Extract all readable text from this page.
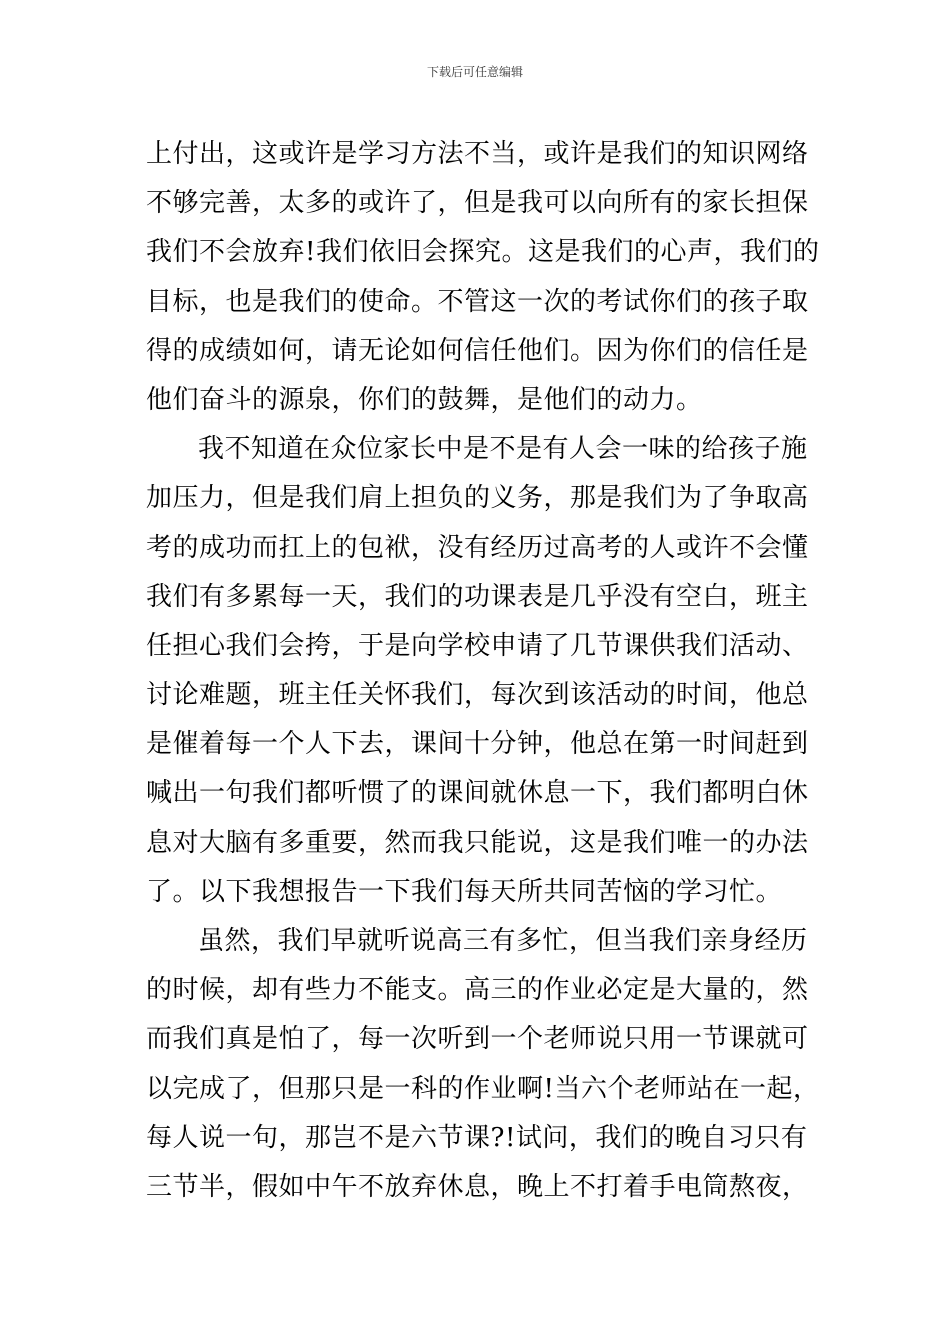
下载后可任意编辑
上付出，这或许是学习方法不当，或许是我们的知识网络
不够完善，太多的或许了，但是我可以向所有的家长担保
我们不会放弃!我们依旧会探究。这是我们的心声，我们的
目标，也是我们的使命。不管这一次的考试你们的孩子取
得的成绩如何，请无论如何信任他们。因为你们的信任是
他们奋斗的源泉，你们的鼓舞，是他们的动力。
我不知道在众位家长中是不是有人会一味的给孩子施
加压力，但是我们肩上担负的义务，那是我们为了争取高
考的成功而扛上的包袱，没有经历过高考的人或许不会懂
我们有多累每一天，我们的功课表是几乎没有空白，班主
任担心我们会挎，于是向学校申请了几节课供我们活动、
讨论难题，班主任关怀我们，每次到该活动的时间，他总
是催着每一个人下去，课间十分钟，他总在第一时间赶到
喊出一句我们都听惯了的课间就休息一下，我们都明白休
息对大脑有多重要，然而我只能说，这是我们唯一的办法
了。以下我想报告一下我们每天所共同苦恼的学习忙。
虽然，我们早就听说高三有多忙，但当我们亲身经历
的时候，却有些力不能支。高三的作业必定是大量的，然
而我们真是怕了，每一次听到一个老师说只用一节课就可
以完成了，但那只是一科的作业啊!当六个老师站在一起，
每人说一句，那岂不是六节课?!试问，我们的晚自习只有
三节半，假如中午不放弃休息，晚上不打着手电筒熬夜，
